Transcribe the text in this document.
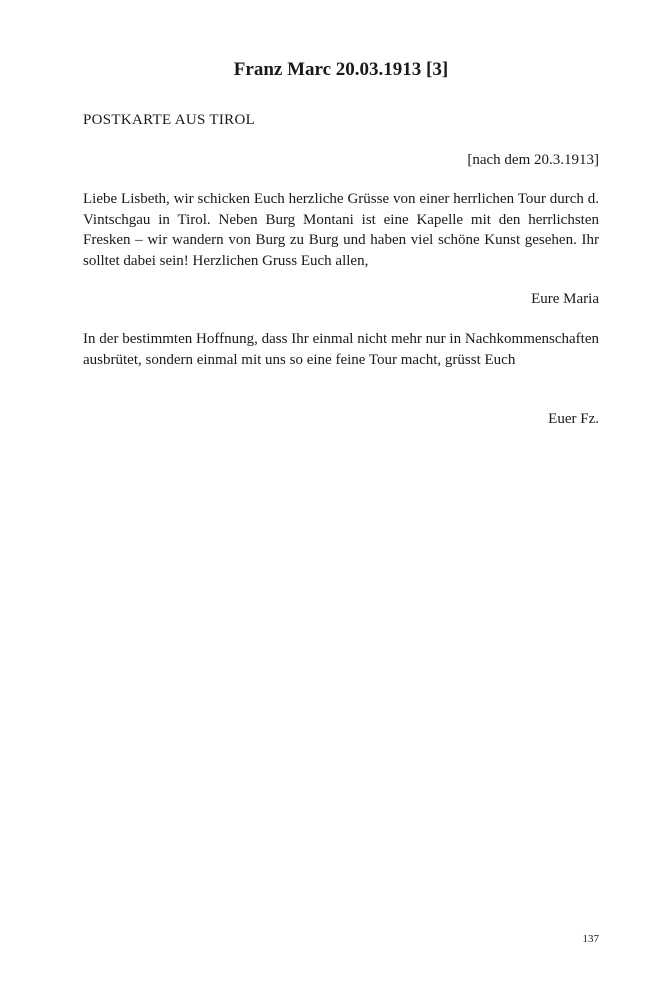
Franz Marc 20.03.1913 [3]

POSTKARTE AUS TIROL

[nach dem 20.3.1913]

Liebe Lisbeth, wir schicken Euch herzliche Grüsse von einer herrlichen Tour durch d. Vintschgau in Tirol. Neben Burg Montani ist eine Kapelle mit den herrlichsten Fresken – wir wandern von Burg zu Burg und haben viel schöne Kunst gesehen. Ihr solltet dabei sein! Herzlichen Gruss Euch allen,

Eure Maria

In der bestimmten Hoffnung, dass Ihr einmal nicht mehr nur in Nachkommenschaften ausbrütet, sondern einmal mit uns so eine feine Tour macht, grüsst Euch

Euer Fz.

137
